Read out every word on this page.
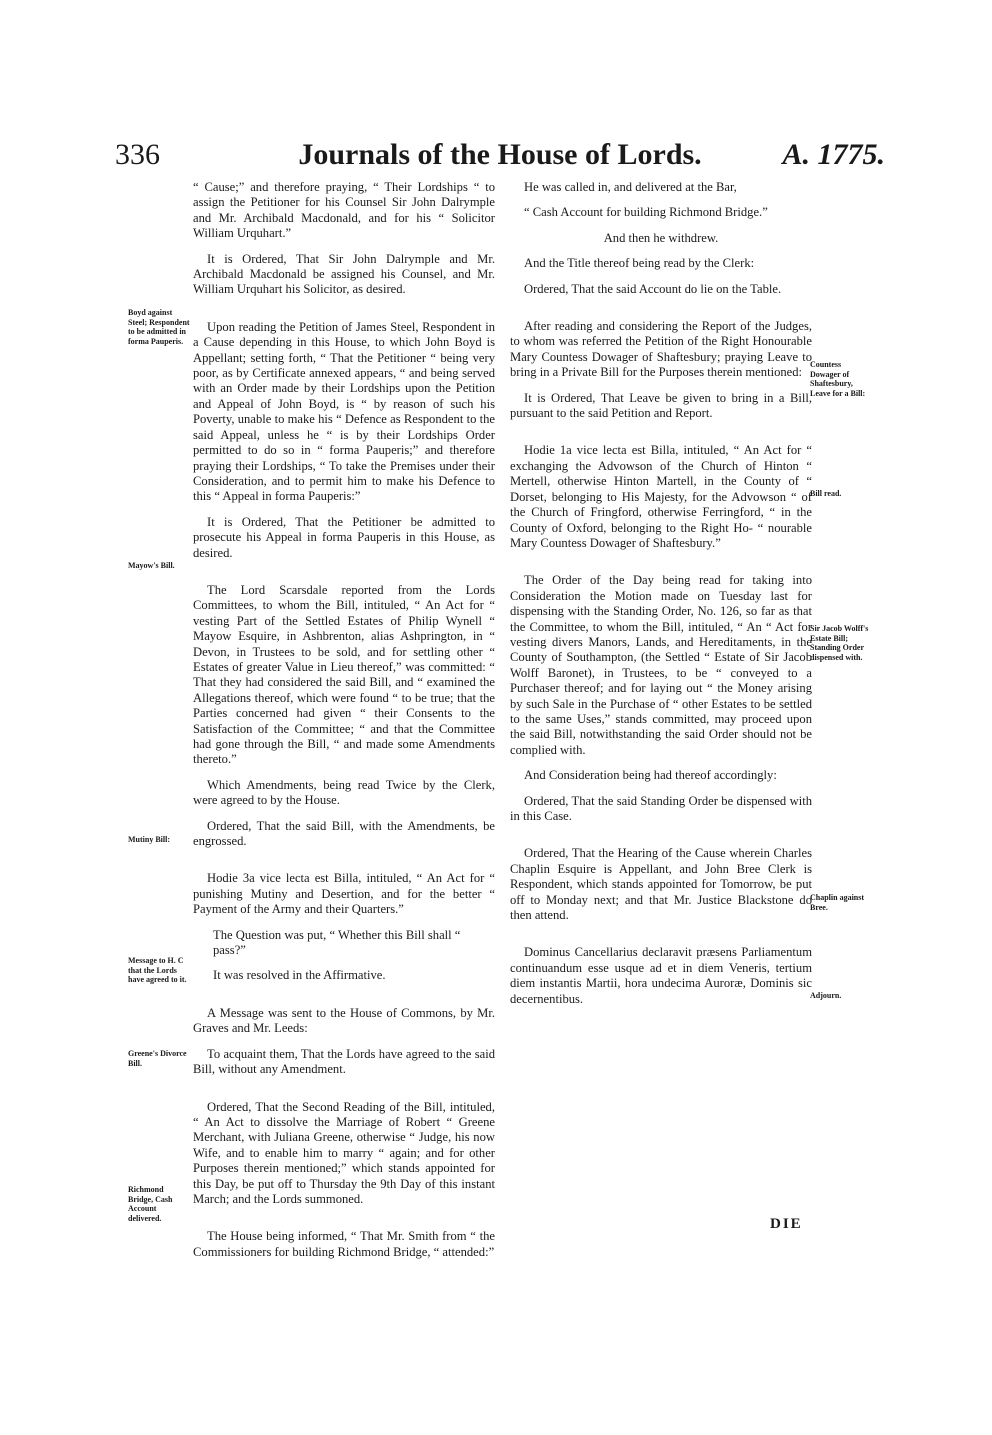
336	Journals of the House of Lords.	A. 1775.
Boyd against Steel; Respondent to be admitted in forma Pauperis.
Mayow's Bill.
Mutiny Bill:
Message to H. C that the Lords have agreed to it.
Greene's Divorce Bill.
Richmond Bridge, Cash Account delivered.
Countess Dowager of Shaftesbury, Leave for a Bill:
Bill read.
Sir Jacob Wolff's Estate Bill; Standing Order dispensed with.
Chaplin against Bree.
Adjourn.

“ Cause;” and therefore praying, “ Their Lordships “ to assign the Petitioner for his Counsel Sir John Dalrymple and Mr. Archibald Macdonald, and for his “ Solicitor William Urquhart.”

It is Ordered, That Sir John Dalrymple and Mr. Archibald Macdonald be assigned his Counsel, and Mr. William Urquhart his Solicitor, as desired.

Upon reading the Petition of James Steel, Respondent in a Cause depending in this House, to which John Boyd is Appellant; setting forth, “ That the Petitioner “ being very poor, as by Certificate annexed appears, “ and being served with an Order made by their Lordships upon the Petition and Appeal of John Boyd, is “ by reason of such his Poverty, unable to make his “ Defence as Respondent to the said Appeal, unless he “ is by their Lordships Order permitted to do so in “ forma Pauperis;” and therefore praying their Lordships, “ To take the Premises under their Consideration, and to permit him to make his Defence to this “ Appeal in forma Pauperis:”

It is Ordered, That the Petitioner be admitted to prosecute his Appeal in forma Pauperis in this House, as desired.

The Lord Scarsdale reported from the Lords Committees, to whom the Bill, intituled, “ An Act for “ vesting Part of the Settled Estates of Philip Wynell “ Mayow Esquire, in Ashbrenton, alias Ashprington, in “ Devon, in Trustees to be sold, and for settling other “ Estates of greater Value in Lieu thereof,” was committed: “ That they had considered the said Bill, and “ examined the Allegations thereof, which were found “ to be true; that the Parties concerned had given “ their Consents to the Satisfaction of the Committee; “ and that the Committee had gone through the Bill, “ and made some Amendments thereto.”

Which Amendments, being read Twice by the Clerk, were agreed to by the House.

Ordered, That the said Bill, with the Amendments, be engrossed.

Hodie 3a vice lecta est Billa, intituled, “ An Act for “ punishing Mutiny and Desertion, and for the better “ Payment of the Army and their Quarters.”

The Question was put, “ Whether this Bill shall “ pass?”

It was resolved in the Affirmative.

A Message was sent to the House of Commons, by Mr. Graves and Mr. Leeds:

To acquaint them, That the Lords have agreed to the said Bill, without any Amendment.

Ordered, That the Second Reading of the Bill, intituled, “ An Act to dissolve the Marriage of Robert “ Greene Merchant, with Juliana Greene, otherwise “ Judge, his now Wife, and to enable him to marry “ again; and for other Purposes therein mentioned;” which stands appointed for this Day, be put off to Thursday the 9th Day of this instant March; and the Lords summoned.

The House being informed, “ That Mr. Smith from “ the Commissioners for building Richmond Bridge, “ attended:”

He was called in, and delivered at the Bar,

“ Cash Account for building Richmond Bridge.”

And then he withdrew.

And the Title thereof being read by the Clerk:

Ordered, That the said Account do lie on the Table.

After reading and considering the Report of the Judges, to whom was referred the Petition of the Right Honourable Mary Countess Dowager of Shaftesbury; praying Leave to bring in a Private Bill for the Purposes therein mentioned:

It is Ordered, That Leave be given to bring in a Bill, pursuant to the said Petition and Report.

Hodie 1a vice lecta est Billa, intituled, “ An Act for “ exchanging the Advowson of the Church of Hinton “ Mertell, otherwise Hinton Martell, in the County of “ Dorset, belonging to His Majesty, for the Advowson “ of the Church of Fringford, otherwise Ferringford, “ in the County of Oxford, belonging to the Right Ho- “ nourable Mary Countess Dowager of Shaftesbury.”

The Order of the Day being read for taking into Consideration the Motion made on Tuesday last for dispensing with the Standing Order, No. 126, so far as that the Committee, to whom the Bill, intituled, “ An “ Act for vesting divers Manors, Lands, and Hereditaments, in the County of Southampton, (the Settled “ Estate of Sir Jacob Wolff Baronet), in Trustees, to be “ conveyed to a Purchaser thereof; and for laying out “ the Money arising by such Sale in the Purchase of “ other Estates to be settled to the same Uses,” stands committed, may proceed upon the said Bill, notwithstanding the said Order should not be complied with.

And Consideration being had thereof accordingly:

Ordered, That the said Standing Order be dispensed with in this Case.

Ordered, That the Hearing of the Cause wherein Charles Chaplin Esquire is Appellant, and John Bree Clerk is Respondent, which stands appointed for Tomorrow, be put off to Monday next; and that Mr. Justice Blackstone do then attend.

Dominus Cancellarius declaravit præsens Parliamentum continuandum esse usque ad et in diem Veneris, tertium diem instantis Martii, hora undecima Auroræ, Dominis sic decernentibus.

DIE
